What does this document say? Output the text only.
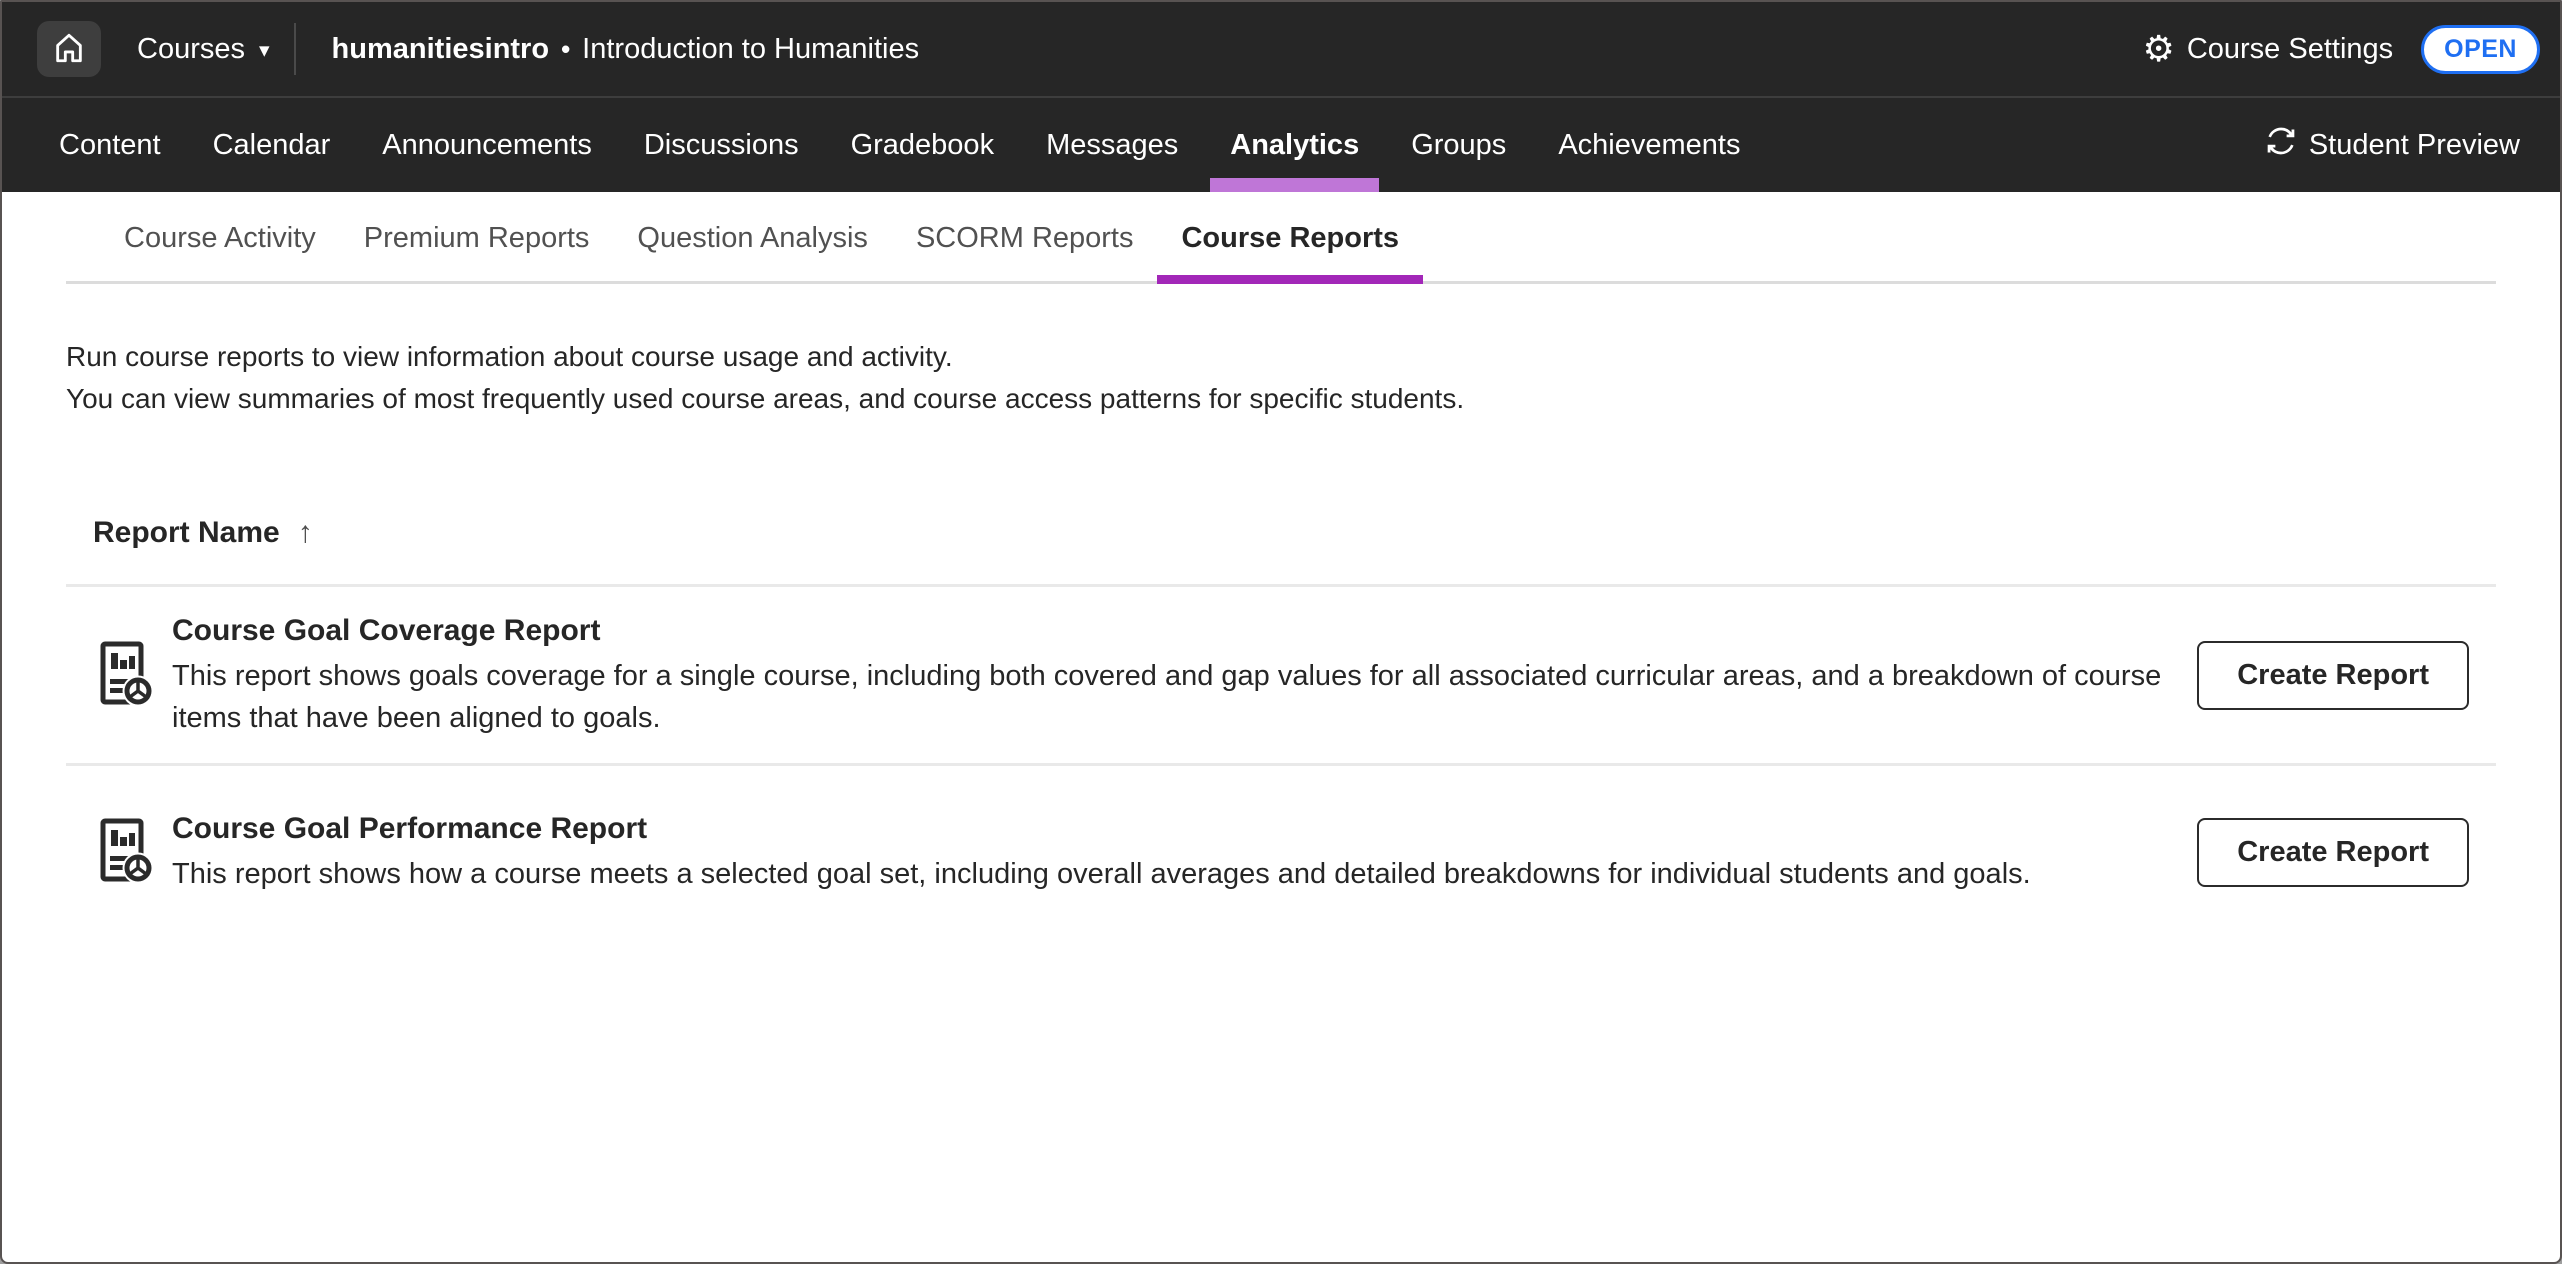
Courses ▾ humanitiesintro • Introduction to Humanities	⚙ Course Settings	OPEN
Content Calendar Announcements Discussions Gradebook Messages Analytics Groups Achievements	Student Preview
Course Activity Premium Reports Question Analysis SCORM Reports Course Reports

Run course reports to view information about course usage and activity.

You can view summaries of most frequently used course areas, and course access patterns for specific students.

Report Name ↑
Course Goal Coverage Report
This report shows goals coverage for a single course, including both covered and gap values for all associated curricular areas, and a breakdown of course items that have been aligned to goals.
Create Report
Course Goal Performance Report
This report shows how a course meets a selected goal set, including overall averages and detailed breakdowns for individual students and goals.
Create Report
